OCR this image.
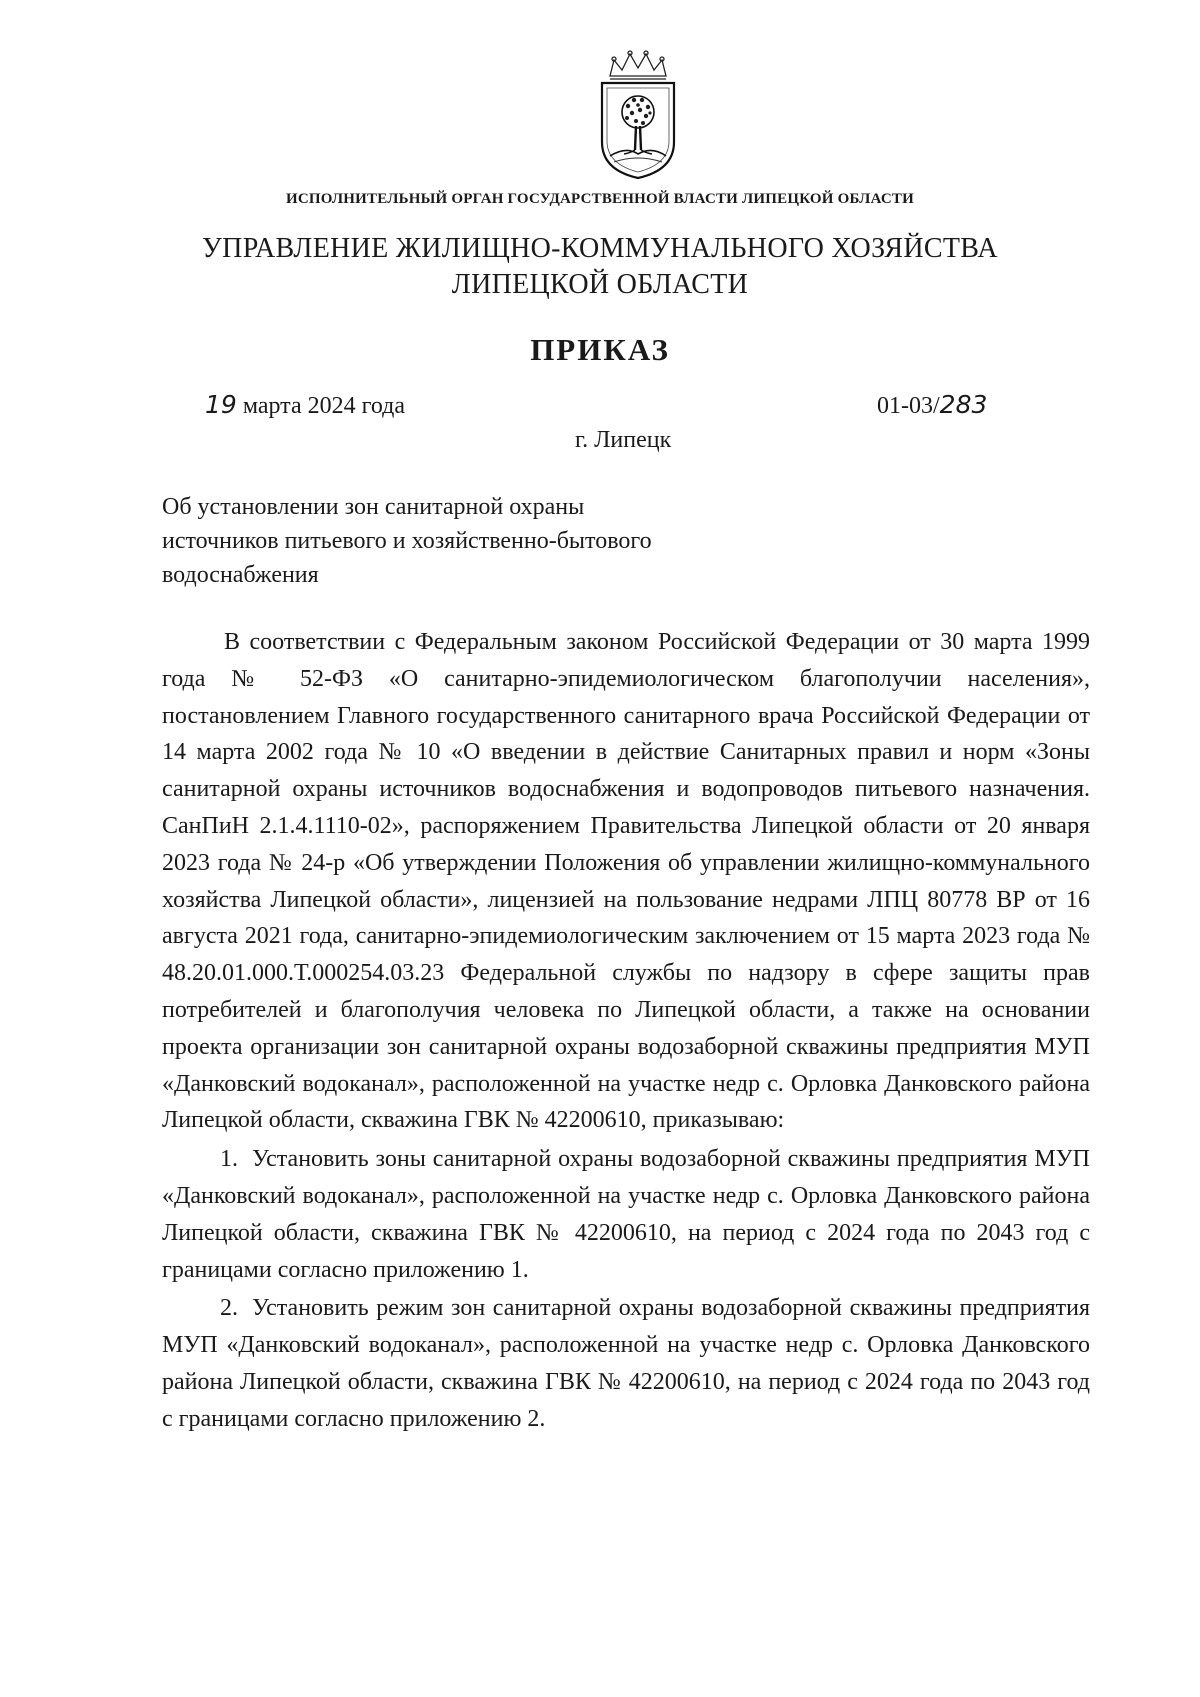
ИСПОЛНИТЕЛЬНЫЙ ОРГАН ГОСУДАРСТВЕННОЙ ВЛАСТИ ЛИПЕЦКОЙ ОБЛАСТИ
УПРАВЛЕНИЕ ЖИЛИЩНО-КОММУНАЛЬНОГО ХОЗЯЙСТВА
ЛИПЕЦКОЙ ОБЛАСТИ
ПРИКАЗ
19 марта 2024 года	01-03/283
г. Липецк
Об установлении зон санитарной охраны
источников питьевого и хозяйственно-бытового
водоснабжения

В соответствии с Федеральным законом Российской Федерации от 30 марта 1999 года № 52-ФЗ «О санитарно-эпидемиологическом благополучии населения», постановлением Главного государственного санитарного врача Российской Федерации от 14 марта 2002 года № 10 «О введении в действие Санитарных правил и норм «Зоны санитарной охраны источников водоснабжения и водопроводов питьевого назначения. СанПиН 2.1.4.1110-02», распоряжением Правительства Липецкой области от 20 января 2023 года № 24-р «Об утверждении Положения об управлении жилищно-коммунального хозяйства Липецкой области», лицензией на пользование недрами ЛПЦ 80778 ВР от 16 августа 2021 года, санитарно-эпидемиологическим заключением от 15 марта 2023 года № 48.20.01.000.Т.000254.03.23 Федеральной службы по надзору в сфере защиты прав потребителей и благополучия человека по Липецкой области, а также на основании проекта организации зон санитарной охраны водозаборной скважины предприятия МУП «Данковский водоканал», расположенной на участке недр с. Орловка Данковского района Липецкой области, скважина ГВК № 42200610, приказываю:

1. Установить зоны санитарной охраны водозаборной скважины предприятия МУП «Данковский водоканал», расположенной на участке недр с. Орловка Данковского района Липецкой области, скважина ГВК № 42200610, на период с 2024 года по 2043 год с границами согласно приложению 1.

2. Установить режим зон санитарной охраны водозаборной скважины предприятия МУП «Данковский водоканал», расположенной на участке недр с. Орловка Данковского района Липецкой области, скважина ГВК № 42200610, на период с 2024 года по 2043 год с границами согласно приложению 2.
